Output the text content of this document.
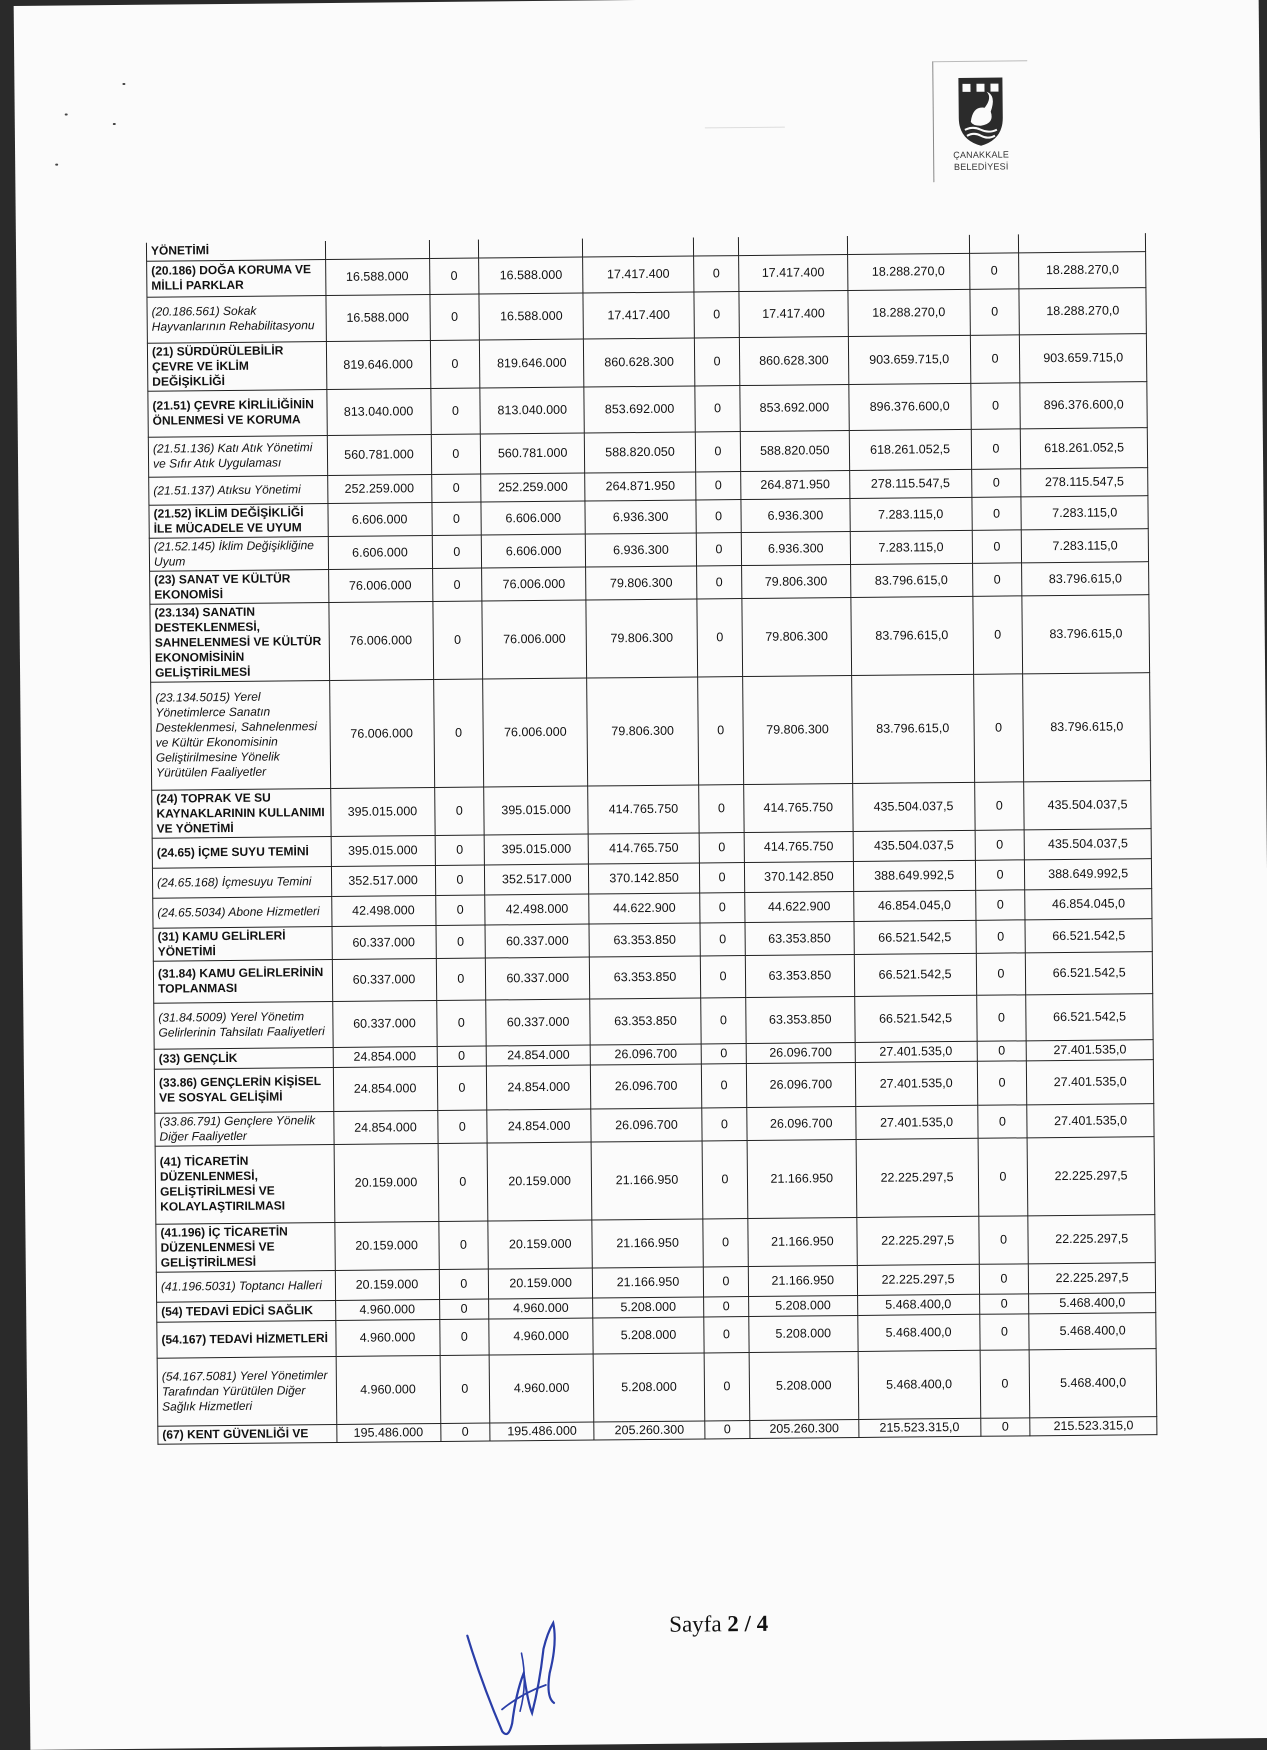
ÇANAKKALE
BELEDİYESİ
YÖNETİMİ									
(20.186) DOĞA KORUMA VE MİLLİ PARKLAR	16.588.000	0	16.588.000	17.417.400	0	17.417.400	18.288.270,0	0	18.288.270,0
(20.186.561) Sokak Hayvanlarının Rehabilitasyonu	16.588.000	0	16.588.000	17.417.400	0	17.417.400	18.288.270,0	0	18.288.270,0
(21) SÜRDÜRÜLEBİLİR ÇEVRE VE İKLİM DEĞİŞİKLİĞİ	819.646.000	0	819.646.000	860.628.300	0	860.628.300	903.659.715,0	0	903.659.715,0
(21.51) ÇEVRE KİRLİLİĞİNİN ÖNLENMESİ VE KORUMA	813.040.000	0	813.040.000	853.692.000	0	853.692.000	896.376.600,0	0	896.376.600,0
(21.51.136) Katı Atık Yönetimi ve Sıfır Atık Uygulaması	560.781.000	0	560.781.000	588.820.050	0	588.820.050	618.261.052,5	0	618.261.052,5
(21.51.137) Atıksu Yönetimi	252.259.000	0	252.259.000	264.871.950	0	264.871.950	278.115.547,5	0	278.115.547,5
(21.52) İKLİM DEĞİŞİKLİĞİ İLE MÜCADELE VE UYUM	6.606.000	0	6.606.000	6.936.300	0	6.936.300	7.283.115,0	0	7.283.115,0
(21.52.145) İklim Değişikliğine Uyum	6.606.000	0	6.606.000	6.936.300	0	6.936.300	7.283.115,0	0	7.283.115,0
(23) SANAT VE KÜLTÜR EKONOMİSİ	76.006.000	0	76.006.000	79.806.300	0	79.806.300	83.796.615,0	0	83.796.615,0
(23.134) SANATIN DESTEKLENMESİ, SAHNELENMESİ VE KÜLTÜR EKONOMİSİNİN GELİŞTİRİLMESİ	76.006.000	0	76.006.000	79.806.300	0	79.806.300	83.796.615,0	0	83.796.615,0
(23.134.5015) Yerel Yönetimlerce Sanatın Desteklenmesi, Sahnelenmesi ve Kültür Ekonomisinin Geliştirilmesine Yönelik Yürütülen Faaliyetler	76.006.000	0	76.006.000	79.806.300	0	79.806.300	83.796.615,0	0	83.796.615,0
(24) TOPRAK VE SU KAYNAKLARININ KULLANIMI VE YÖNETİMİ	395.015.000	0	395.015.000	414.765.750	0	414.765.750	435.504.037,5	0	435.504.037,5
(24.65) İÇME SUYU TEMİNİ	395.015.000	0	395.015.000	414.765.750	0	414.765.750	435.504.037,5	0	435.504.037,5
(24.65.168) İçmesuyu Temini	352.517.000	0	352.517.000	370.142.850	0	370.142.850	388.649.992,5	0	388.649.992,5
(24.65.5034) Abone Hizmetleri	42.498.000	0	42.498.000	44.622.900	0	44.622.900	46.854.045,0	0	46.854.045,0
(31) KAMU GELİRLERİ YÖNETİMİ	60.337.000	0	60.337.000	63.353.850	0	63.353.850	66.521.542,5	0	66.521.542,5
(31.84) KAMU GELİRLERİNİN TOPLANMASI	60.337.000	0	60.337.000	63.353.850	0	63.353.850	66.521.542,5	0	66.521.542,5
(31.84.5009) Yerel Yönetim Gelirlerinin Tahsilatı Faaliyetleri	60.337.000	0	60.337.000	63.353.850	0	63.353.850	66.521.542,5	0	66.521.542,5
(33) GENÇLİK	24.854.000	0	24.854.000	26.096.700	0	26.096.700	27.401.535,0	0	27.401.535,0
(33.86) GENÇLERİN KİŞİSEL VE SOSYAL GELİŞİMİ	24.854.000	0	24.854.000	26.096.700	0	26.096.700	27.401.535,0	0	27.401.535,0
(33.86.791) Gençlere Yönelik Diğer Faaliyetler	24.854.000	0	24.854.000	26.096.700	0	26.096.700	27.401.535,0	0	27.401.535,0
(41) TİCARETİN DÜZENLENMESİ, GELİŞTİRİLMESİ VE KOLAYLAŞTIRILMASI	20.159.000	0	20.159.000	21.166.950	0	21.166.950	22.225.297,5	0	22.225.297,5
(41.196) İÇ TİCARETİN DÜZENLENMESİ VE GELİŞTİRİLMESİ	20.159.000	0	20.159.000	21.166.950	0	21.166.950	22.225.297,5	0	22.225.297,5
(41.196.5031) Toptancı Halleri	20.159.000	0	20.159.000	21.166.950	0	21.166.950	22.225.297,5	0	22.225.297,5
(54) TEDAVİ EDİCİ SAĞLIK	4.960.000	0	4.960.000	5.208.000	0	5.208.000	5.468.400,0	0	5.468.400,0
(54.167) TEDAVİ HİZMETLERİ	4.960.000	0	4.960.000	5.208.000	0	5.208.000	5.468.400,0	0	5.468.400,0
(54.167.5081) Yerel Yönetimler Tarafından Yürütülen Diğer Sağlık Hizmetleri	4.960.000	0	4.960.000	5.208.000	0	5.208.000	5.468.400,0	0	5.468.400,0
(67) KENT GÜVENLİĞİ VE	195.486.000	0	195.486.000	205.260.300	0	205.260.300	215.523.315,0	0	215.523.315,0
Sayfa 2 / 4
